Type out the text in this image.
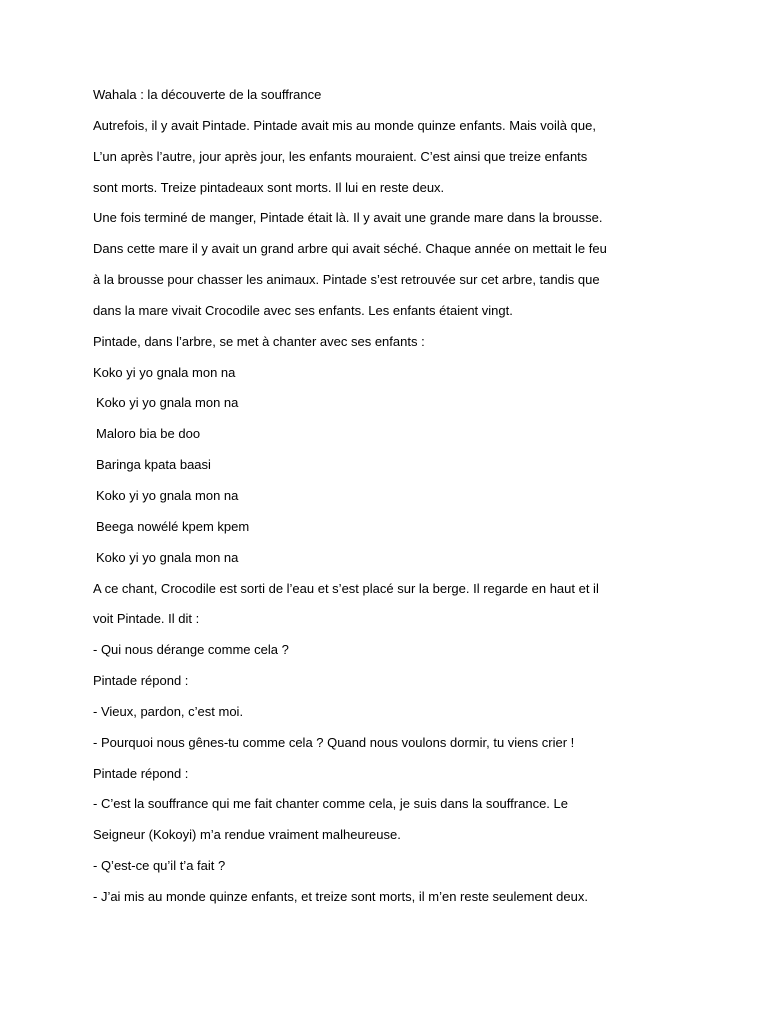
Wahala : la découverte de la souffrance
Autrefois, il y avait Pintade. Pintade avait mis au monde quinze enfants. Mais voilà que,
L’un après l’autre, jour après jour, les enfants mouraient. C’est ainsi que treize enfants
sont morts. Treize pintadeaux sont morts. Il lui en reste deux.
Une fois terminé de manger, Pintade était là. Il y avait une grande mare dans la brousse.
Dans cette mare il y avait un grand arbre qui avait séché. Chaque année on mettait le feu
à la brousse pour chasser les animaux. Pintade s’est retrouvée sur cet arbre, tandis que
dans la mare vivait Crocodile avec ses enfants. Les enfants étaient vingt.
Pintade, dans l’arbre, se met à chanter avec ses enfants :
Koko yi yo gnala mon na
Koko yi yo gnala mon na
Maloro bia be doo
Baringa kpata baasi
Koko yi yo gnala mon na
Beega nowélé kpem kpem
Koko yi yo gnala mon na
A ce chant, Crocodile est sorti de l’eau et s’est placé sur la berge. Il regarde en haut et il
voit Pintade. Il dit :
- Qui nous dérange comme cela ?
Pintade répond :
- Vieux, pardon, c’est moi.
- Pourquoi nous gênes-tu comme cela ? Quand nous voulons dormir, tu viens crier !
Pintade répond :
- C’est la souffrance qui me fait chanter comme cela, je suis dans la souffrance. Le
Seigneur (Kokoyi) m’a rendue vraiment malheureuse.
- Q’est-ce qu’il t’a fait ?
- J’ai mis au monde quinze enfants, et treize sont morts, il m’en reste seulement deux.
